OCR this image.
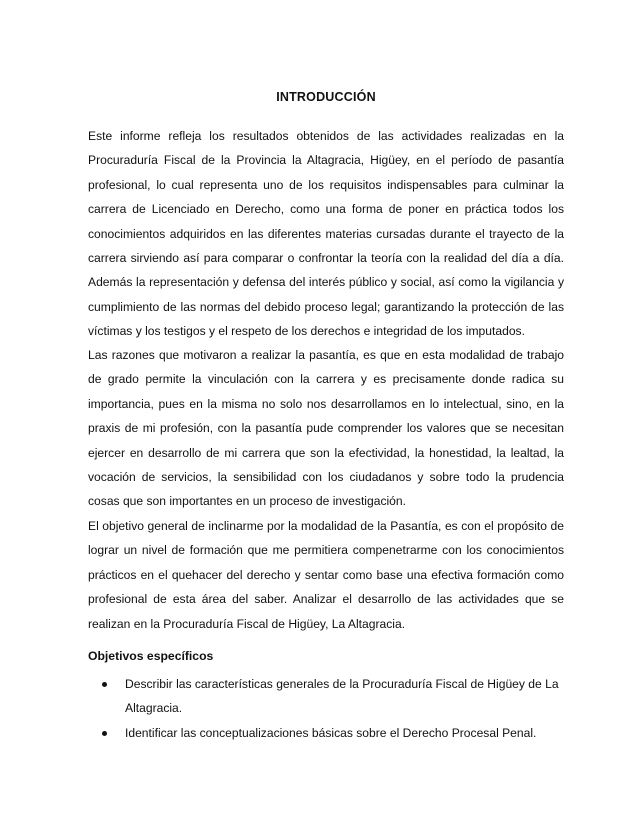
INTRODUCCIÓN

Este informe refleja los resultados obtenidos de las actividades realizadas en la Procuraduría Fiscal de la Provincia la Altagracia, Higüey, en el período de pasantía profesional, lo cual representa uno de los requisitos indispensables para culminar la carrera de Licenciado en Derecho, como una forma de poner en práctica todos los conocimientos adquiridos en las diferentes materias cursadas durante el trayecto de la carrera sirviendo así para comparar o confrontar la teoría con la realidad del día a día. Además la representación y defensa del interés público y social, así como la vigilancia y cumplimiento de las normas del debido proceso legal; garantizando la protección de las víctimas y los testigos y el respeto de los derechos e integridad de los imputados.

Las razones que motivaron a realizar la pasantía, es que en esta modalidad de trabajo de grado permite la vinculación con la carrera y es precisamente donde radica su importancia, pues en la misma no solo nos desarrollamos en lo intelectual, sino, en la praxis de mi profesión, con la pasantía pude comprender los valores que se necesitan ejercer en desarrollo de mi carrera que son la efectividad, la honestidad, la lealtad, la vocación de servicios, la sensibilidad con los ciudadanos y sobre todo la prudencia cosas que son importantes en un proceso de investigación.

El objetivo general de inclinarme por la modalidad de la Pasantía, es con el propósito de lograr un nivel de formación que me permitiera compenetrarme con los conocimientos prácticos en el quehacer del derecho y sentar como base una efectiva formación como profesional de esta área del saber. Analizar el desarrollo de las actividades que se realizan en la Procuraduría Fiscal de Higüey, La Altagracia.

Objetivos específicos
Describir las características generales de la Procuraduría Fiscal de Higüey de La Altagracia.
Identificar las conceptualizaciones básicas sobre el Derecho Procesal Penal.
